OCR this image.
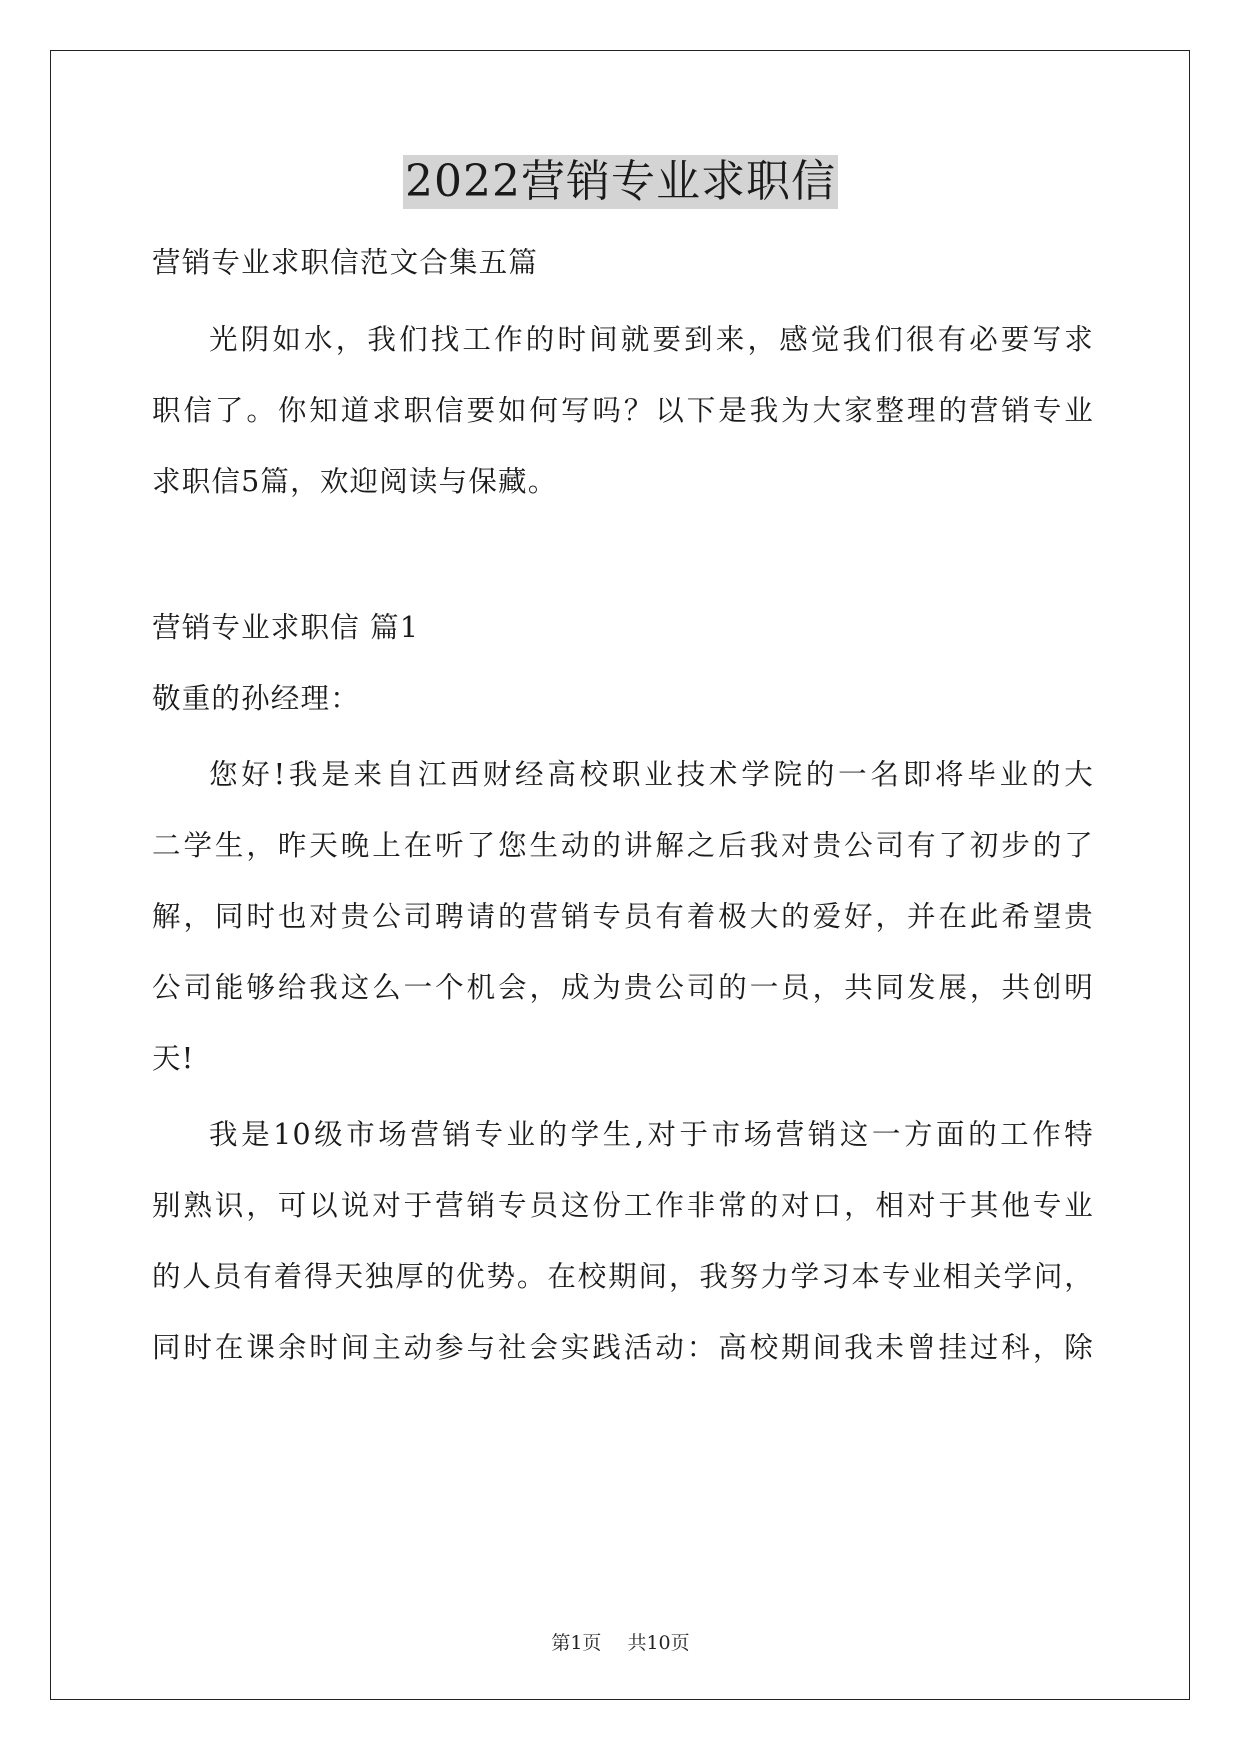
2022营销专业求职信
营销专业求职信范文合集五篇
光阴如水，我们找工作的时间就要到来，感觉我们很有必要写求
职信了。你知道求职信要如何写吗？以下是我为大家整理的营销专业
求职信5篇，欢迎阅读与保藏。
营销专业求职信 篇1
敬重的孙经理：
您好!我是来自江西财经高校职业技术学院的一名即将毕业的大
二学生，昨天晚上在听了您生动的讲解之后我对贵公司有了初步的了
解，同时也对贵公司聘请的营销专员有着极大的爱好，并在此希望贵
公司能够给我这么一个机会，成为贵公司的一员，共同发展，共创明
天!
我是10级市场营销专业的学生,对于市场营销这一方面的工作特
别熟识，可以说对于营销专员这份工作非常的对口，相对于其他专业
的人员有着得天独厚的优势。在校期间，我努力学习本专业相关学问，
同时在课余时间主动参与社会实践活动：高校期间我未曾挂过科，除
第1页 共10页
